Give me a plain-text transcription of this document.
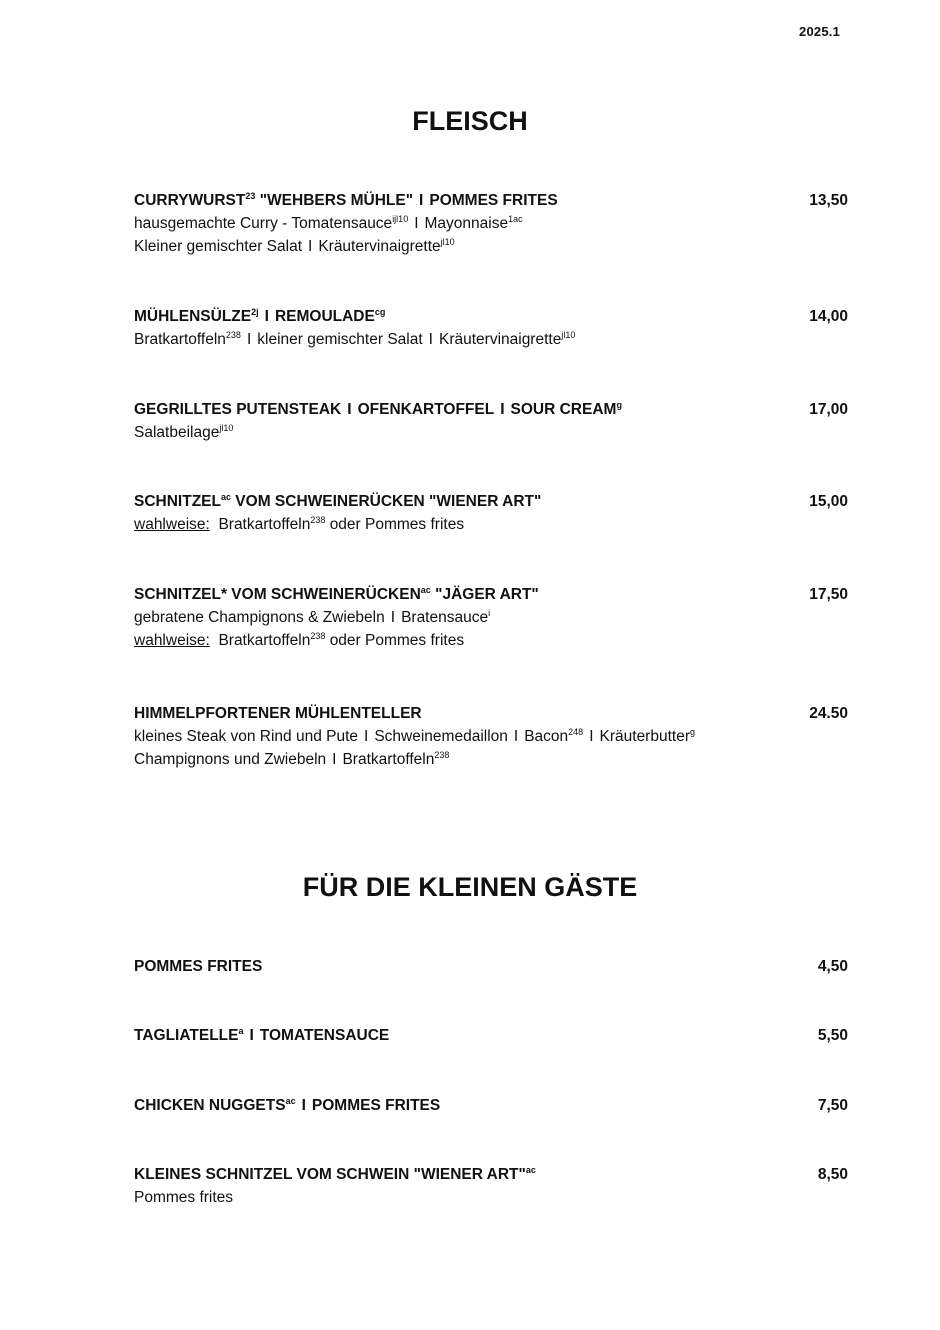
2025.1
FLEISCH
CURRYWURST$^{23}$ "WEHBERS MÜHLE" I POMMES FRITES	13,50
hausgemachte Curry - Tomatensauce$^{ijl10}$ I Mayonnaise$^{1ac}$
Kleiner gemischter Salat I Kräutervinaigrette$^{jl10}$
$MÜHLENSÜLZE^{2j}$ I $REMOULADE^{cg}$	14,00
Bratkartoffeln$^{238}$ I kleiner gemischter Salat I Kräutervinaigrette$^{jl10}$
GEGRILLTES PUTENSTEAK I OFENKARTOFFEL I SOUR CREAM$^g$	17,00
Salatbeilage$^{jl10}$
$SCHNITZEL^{ac}$ VOM SCHWEINERÜCKEN "WIENER ART"	15,00
wahlweise: Bratkartoffeln$^{238}$ oder Pommes frites
SCHNITZEL* VOM $SCHWEINERÜCKEN^{ac}$ "JÄGER ART"	17,50
gebratene Champignons & Zwiebeln I Bratensauce$^i$
wahlweise: Bratkartoffeln$^{238}$ oder Pommes frites
HIMMELPFORTENER MÜHLENTELLER	24.50
kleines Steak von Rind und Pute I Schweinemedaillon I Bacon$^{248}$ I Kräuterbutter$^g$
Champignons und Zwiebeln I Bratkartoffeln$^{238}$
FÜR DIE KLEINEN GÄSTE
POMMES FRITES	4,50
TAGLIATELLE$^a$ I TOMATENSAUCE	5,50
CHICKEN $NUGGETS^{ac}$ I POMMES FRITES	7,50
KLEINES SCHNITZEL VOM SCHWEIN "WIENER ART"$^{ac}$	8,50
Pommes frites
